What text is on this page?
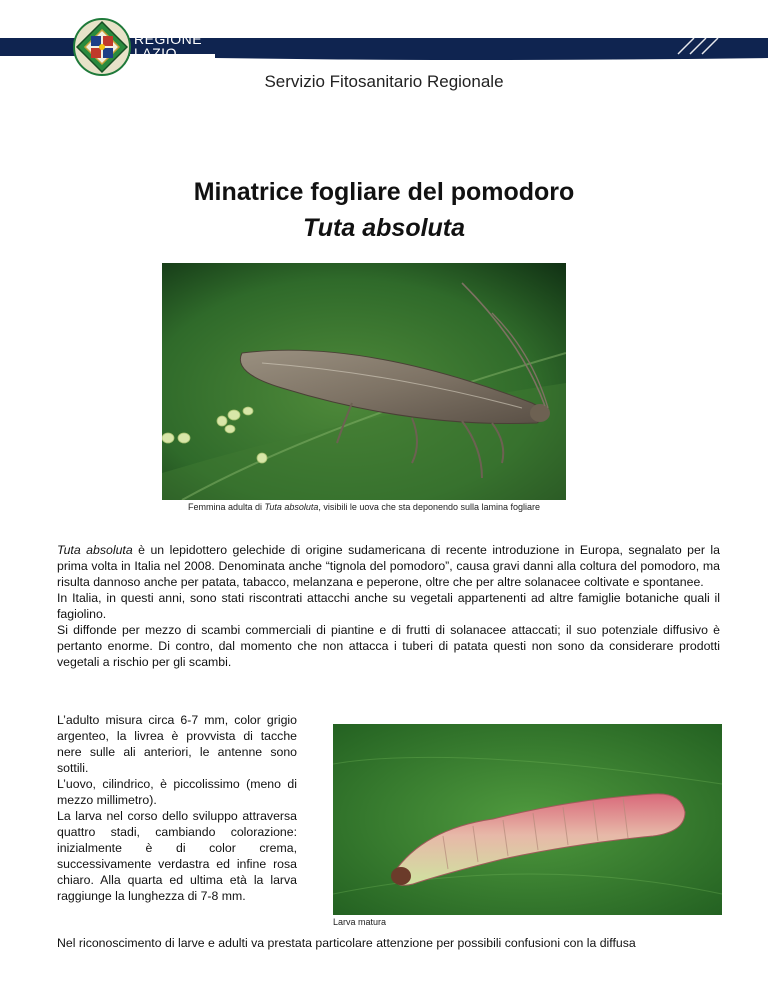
REGIONE
LAZIO
Servizio Fitosanitario Regionale
Minatrice fogliare del pomodoro
Tuta absoluta
Femmina adulta di Tuta absoluta, visibili le uova che sta deponendo sulla lamina fogliare

Tuta absoluta è un lepidottero gelechide di origine sudamericana di recente introduzione in Europa, segnalato per la prima volta in Italia nel 2008. Denominata anche “tignola del pomodoro”, causa gravi danni alla coltura del pomodoro, ma risulta dannoso anche per patata, tabacco, melanzana e peperone, oltre che per altre solanacee coltivate e spontanee.

In Italia, in questi anni, sono stati riscontrati attacchi anche su vegetali appartenenti ad altre famiglie botaniche quali il fagiolino.

Si diffonde per mezzo di scambi commerciali di piantine e di frutti di solanacee attaccati; il suo potenziale diffusivo è pertanto enorme. Di contro, dal momento che non attacca i tuberi di patata questi non sono da considerare prodotti vegetali a rischio per gli scambi.

L’adulto misura circa 6-7 mm, color grigio argenteo, la livrea è provvista di tacche nere sulle ali anteriori, le antenne sono sottili.

L’uovo, cilindrico, è piccolissimo (meno di mezzo millimetro).

La larva nel corso dello sviluppo attraversa quattro stadi, cambiando colorazione: inizialmente è di color crema, successivamente verdastra ed infine rosa chiaro. Alla quarta ed ultima età la larva raggiunge la lunghezza di 7-8 mm.

Larva matura
Nel riconoscimento di larve e adulti va prestata particolare attenzione per possibili confusioni con la diffusa
